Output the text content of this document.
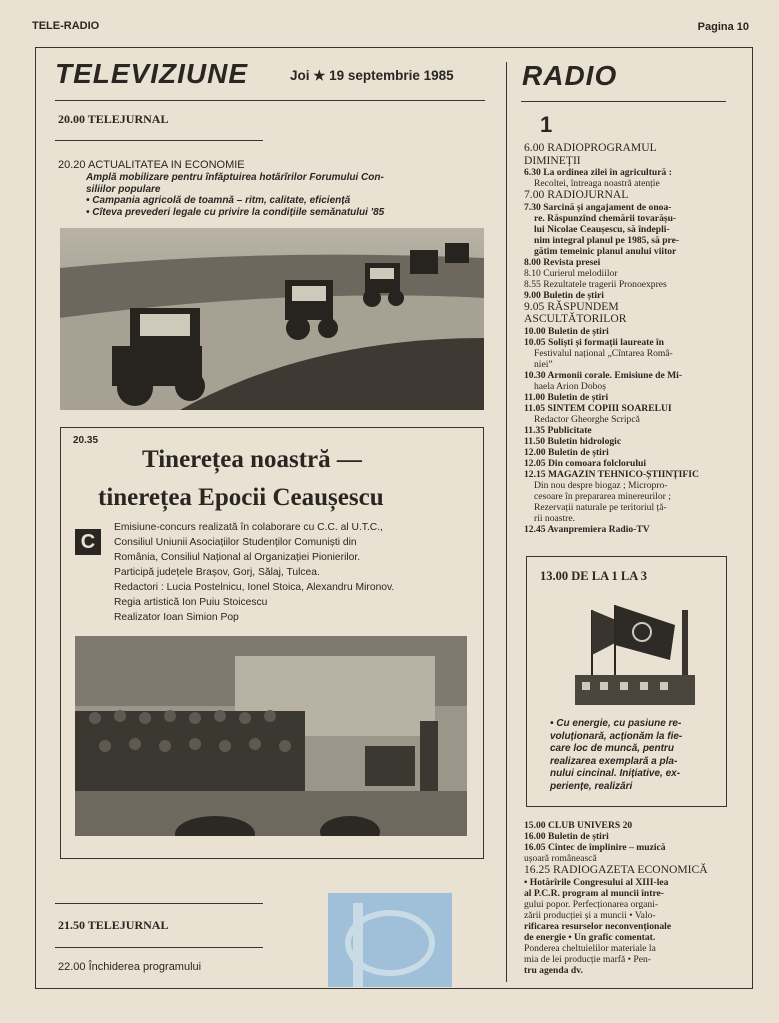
TELE-RADIO	Pagina 10
TELEVIZIUNE	Joi ★ 19 septembrie 1985
20.00 TELEJURNAL
20.20 ACTUALITATEA IN ECONOMIE
Amplă mobilizare pentru înfăptuirea hotărîrilor Forumului Con-
siliilor populare
• Campania agricolă de toamnă – ritm, calitate, eficiență
• Cîteva prevederi legale cu privire la condițiile semănatului '85
20.35
Tinerețea noastră —
tinerețea Epocii Ceaușescu
C
Emisiune-concurs realizată în colaborare cu C.C. al U.T.C.,
Consiliul Uniunii Asociațiilor Studenților Comuniști din
România, Consiliul Național al Organizației Pionierilor.
Participă județele Brașov, Gorj, Sălaj, Tulcea.
Redactori : Lucia Postelnicu, Ionel Stoica, Alexandru Mironov.
Regia artistică Ion Puiu Stoicescu
Realizator Ioan Simion Pop
21.50 TELEJURNAL
22.00 Închiderea programului
RADIO
1
6.00 RADIOPROGRAMUL
DIMINEȚII
6.30 La ordinea zilei în agricultură :
Recoltei, întreaga noastră atenție
7.00 RADIOJURNAL
7.30 Sarcină și angajament de onoa-
re. Răspunzînd chemării tovarășu-
lui Nicolae Ceaușescu, să îndepli-
nim integral planul pe 1985, să pre-
gătim temeinic planul anului viitor
8.00 Revista presei
8.10 Curierul melodiilor
8.55 Rezultatele tragerii Pronoexpres
9.00 Buletin de știri
9.05 RĂSPUNDEM
ASCULTĂTORILOR
10.00 Buletin de știri
10.05 Soliști și formații laureate în
Festivalul național „Cîntarea Româ-
niei”
10.30 Armonii corale. Emisiune de Mi-
haela Arion Doboș
11.00 Buletin de știri
11.05 SINTEM COPIII SOARELUI
Redactor Gheorghe Scripcă
11.35 Publicitate
11.50 Buletin hidrologic
12.00 Buletin de știri
12.05 Din comoara folclorului
12.15 MAGAZIN TEHNICO-ȘTIINȚIFIC
Din nou despre biogaz ; Micropro-
cesoare în prepararea minereurilor ;
Rezervații naturale pe teritoriul ță-
rii noastre.
12.45 Avanpremiera Radio-TV
13.00 DE LA 1 LA 3
• Cu energie, cu pasiune re-
voluționară, acționăm la fie-
care loc de muncă, pentru
realizarea exemplară a pla-
nului cincinal. Inițiative, ex-
periențe, realizări
15.00 CLUB UNIVERS 20
16.00 Buletin de știri
16.05 Cîntec de împlinire – muzică
ușoară românească
16.25 RADIOGAZETA ECONOMICĂ
• Hotărîrile Congresului al XIII-lea
al P.C.R. program al muncii între-
gului popor. Perfecționarea organi-
zării producției și a muncii • Valo-
rificarea resurselor neconvenționale
de energie • Un grafic comentat.
Ponderea cheltuielilor materiale la
mia de lei producție marfă • Pen-
tru agenda dv.
